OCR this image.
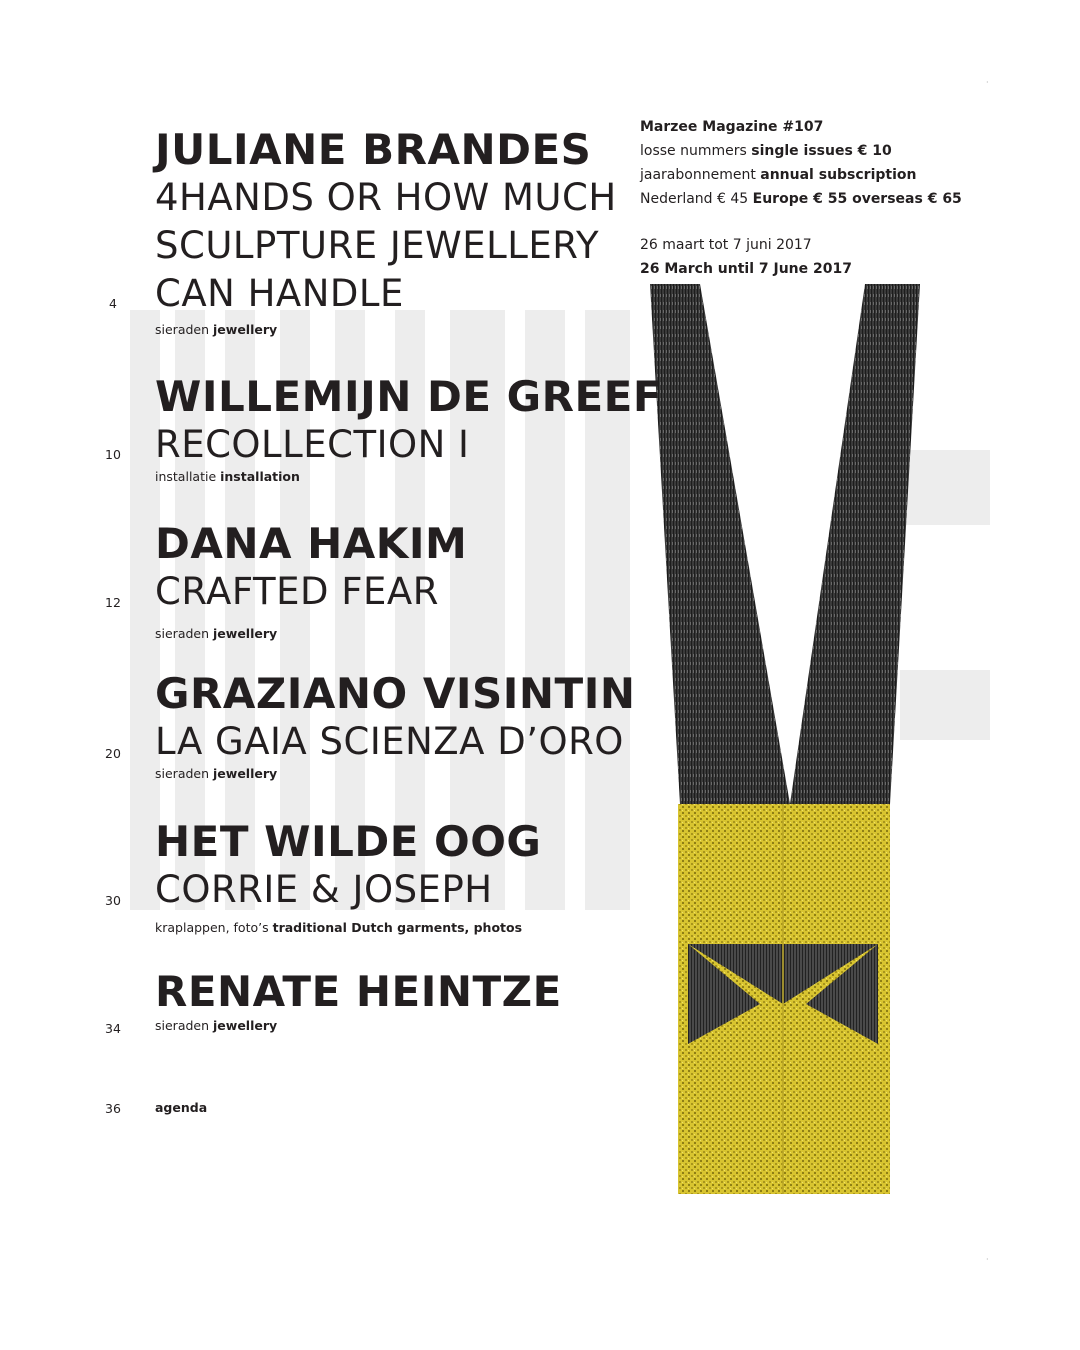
Marzee Magazine #107
losse nummers single issues € 10
jaarabonnement annual subscription
Nederland € 45 Europe € 55 overseas € 65
26 maart tot 7 juni 2017
26 March until 7 June 2017
JULIANE BRANDES
4HANDS OR HOW MUCH
SCULPTURE JEWELLERY
CAN HANDLE
sieraden jewellery
4
WILLEMIJN DE GREEF
RECOLLECTION I
installatie installation
10
DANA HAKIM
CRAFTED FEAR
sieraden jewellery
12
GRAZIANO VISINTIN
LA GAIA SCIENZA D’ORO
sieraden jewellery
20
HET WILDE OOG
CORRIE & JOSEPH
kraplappen, foto’s traditional Dutch garments, photos
30
RENATE HEINTZE
sieraden jewellery
34
agenda
36
·
·
